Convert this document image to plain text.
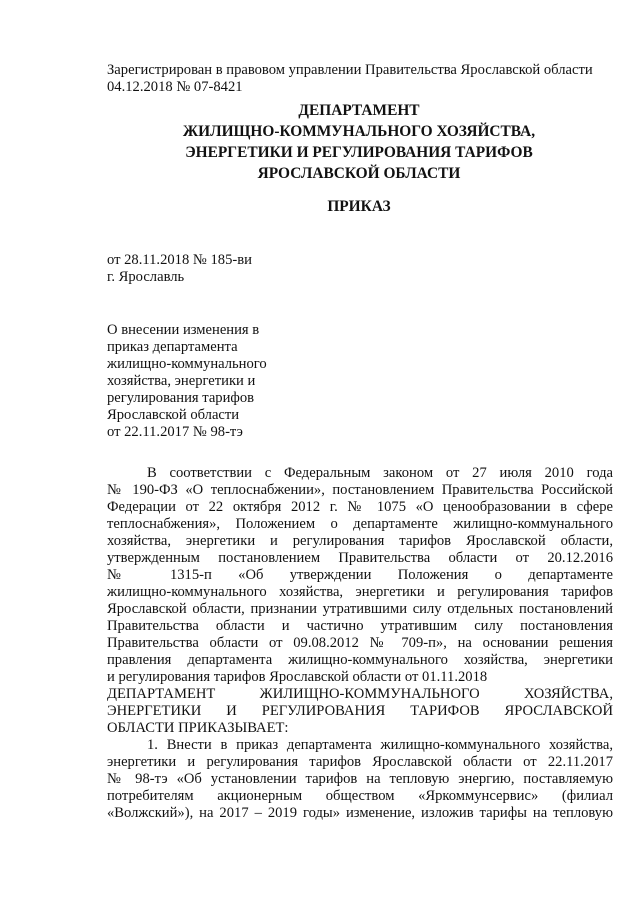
Зарегистрирован в правовом управлении Правительства Ярославской области
04.12.2018 № 07-8421
ДЕПАРТАМЕНТ
ЖИЛИЩНО-КОММУНАЛЬНОГО ХОЗЯЙСТВА,
ЭНЕРГЕТИКИ И РЕГУЛИРОВАНИЯ ТАРИФОВ
ЯРОСЛАВСКОЙ ОБЛАСТИ
ПРИКАЗ
от 28.11.2018 № 185-ви
г. Ярославль
О внесении изменения в
приказ департамента
жилищно-коммунального
хозяйства, энергетики и
регулирования тарифов
Ярославской области
от 22.11.2017 № 98-тэ
В соответствии с Федеральным законом от 27 июля 2010 года
№ 190-ФЗ «О теплоснабжении», постановлением Правительства Российской
Федерации от 22 октября 2012 г. № 1075 «О ценообразовании в сфере
теплоснабжения», Положением о департаменте жилищно-коммунального
хозяйства, энергетики и регулирования тарифов Ярославской области,
утвержденным постановлением Правительства области от 20.12.2016
№ 1315-п «Об утверждении Положения о департаменте
жилищно-коммунального хозяйства, энергетики и регулирования тарифов
Ярославской области, признании утратившими силу отдельных постановлений
Правительства области и частично утратившим силу постановления
Правительства области от 09.08.2012 № 709-п», на основании решения
правления департамента жилищно-коммунального хозяйства, энергетики
и регулирования тарифов Ярославской области от 01.11.2018
ДЕПАРТАМЕНТ ЖИЛИЩНО-КОММУНАЛЬНОГО ХОЗЯЙСТВА,
ЭНЕРГЕТИКИ И РЕГУЛИРОВАНИЯ ТАРИФОВ ЯРОСЛАВСКОЙ
ОБЛАСТИ ПРИКАЗЫВАЕТ:
1. Внести в приказ департамента жилищно-коммунального хозяйства,
энергетики и регулирования тарифов Ярославской области от 22.11.2017
№ 98-тэ «Об установлении тарифов на тепловую энергию, поставляемую
потребителям акционерным обществом «Яркоммунсервис» (филиал
«Волжский»), на 2017 – 2019 годы» изменение, изложив тарифы на тепловую
